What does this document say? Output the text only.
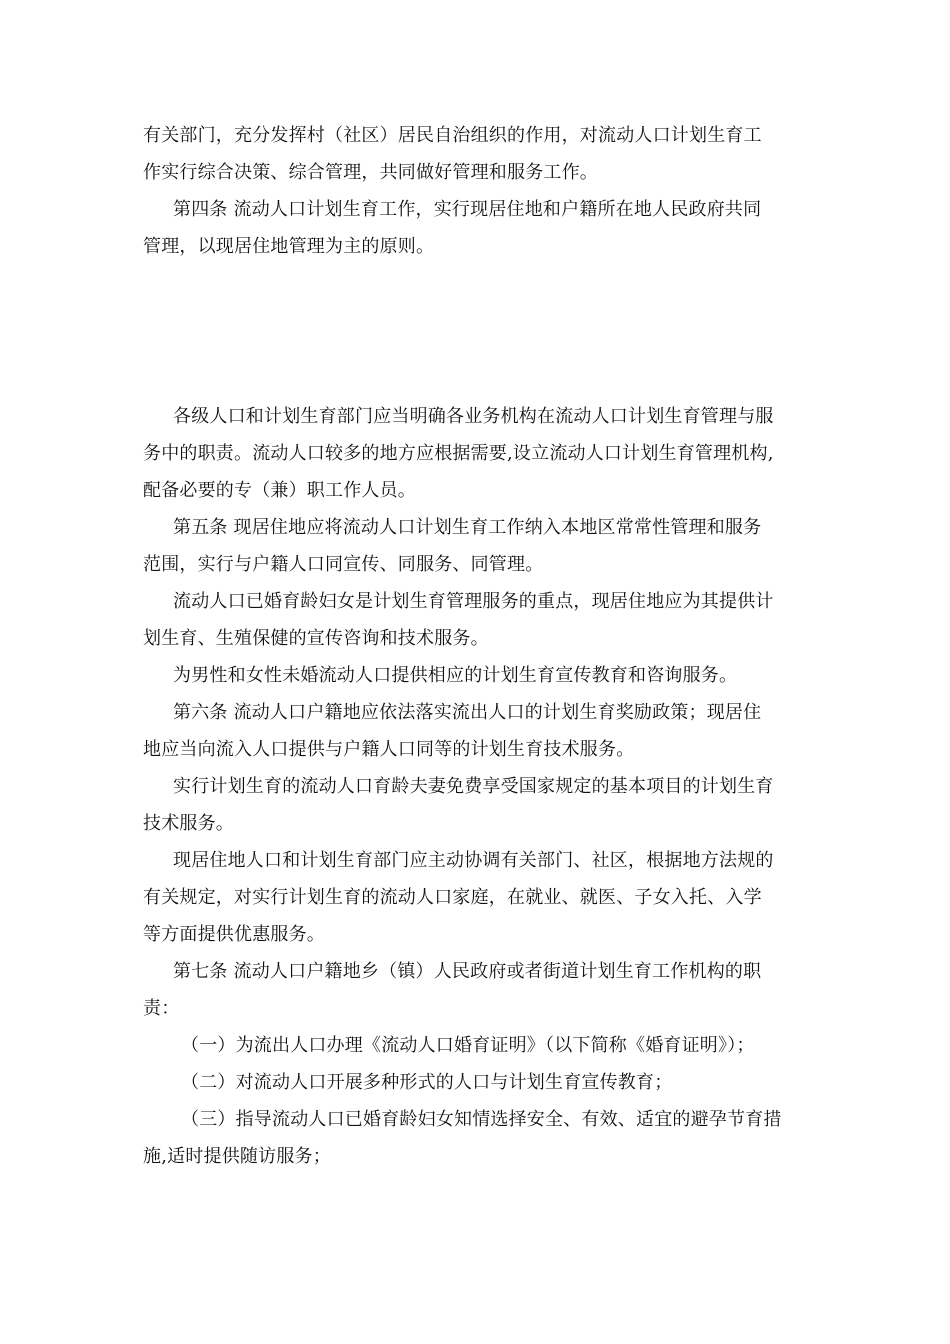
有关部门，充分发挥村（社区）居民自治组织的作用，对流动人口计划生育工
作实行综合决策、综合管理，共同做好管理和服务工作。

第四条 流动人口计划生育工作，实行现居住地和户籍所在地人民政府共同
管理，以现居住地管理为主的原则。

各级人口和计划生育部门应当明确各业务机构在流动人口计划生育管理与服
务中的职责。流动人口较多的地方应根据需要,设立流动人口计划生育管理机构,
配备必要的专（兼）职工作人员。

第五条 现居住地应将流动人口计划生育工作纳入本地区常常性管理和服务
范围，实行与户籍人口同宣传、同服务、同管理。

流动人口已婚育龄妇女是计划生育管理服务的重点，现居住地应为其提供计
划生育、生殖保健的宣传咨询和技术服务。

为男性和女性未婚流动人口提供相应的计划生育宣传教育和咨询服务。

第六条 流动人口户籍地应依法落实流出人口的计划生育奖励政策；现居住
地应当向流入人口提供与户籍人口同等的计划生育技术服务。

实行计划生育的流动人口育龄夫妻免费享受国家规定的基本项目的计划生育
技术服务。

现居住地人口和计划生育部门应主动协调有关部门、社区，根据地方法规的
有关规定，对实行计划生育的流动人口家庭，在就业、就医、子女入托、入学
等方面提供优惠服务。

第七条 流动人口户籍地乡（镇）人民政府或者街道计划生育工作机构的职
责：

（一）为流出人口办理《流动人口婚育证明》（以下简称《婚育证明》）；

（二）对流动人口开展多种形式的人口与计划生育宣传教育；

（三）指导流动人口已婚育龄妇女知情选择安全、有效、适宜的避孕节育措
施,适时提供随访服务；
